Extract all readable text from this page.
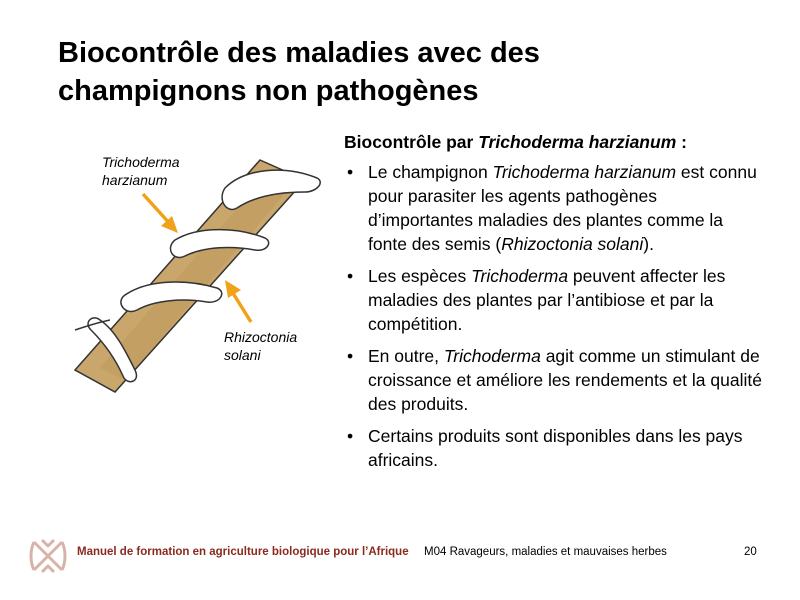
Biocontrôle des maladies avec des
champignons non pathogènes
Trichoderma
harzianum
Rhizoctonia
solani

Biocontrôle par Trichoderma harzianum :

• Le champignon Trichoderma harzianum est connu pour parasiter les agents pathogènes d’importantes maladies des plantes comme la fonte des semis (Rhizoctonia solani).
• Les espèces Trichoderma peuvent affecter les maladies des plantes par l’antibiose et par la compétition.
• En outre, Trichoderma agit comme un stimulant de croissance et améliore les rendements et la qualité des produits.
• Certains produits sont disponibles dans les pays africains.
Manuel de formation en agriculture biologique pour l’Afrique M04 Ravageurs, maladies et mauvaises herbes	20
